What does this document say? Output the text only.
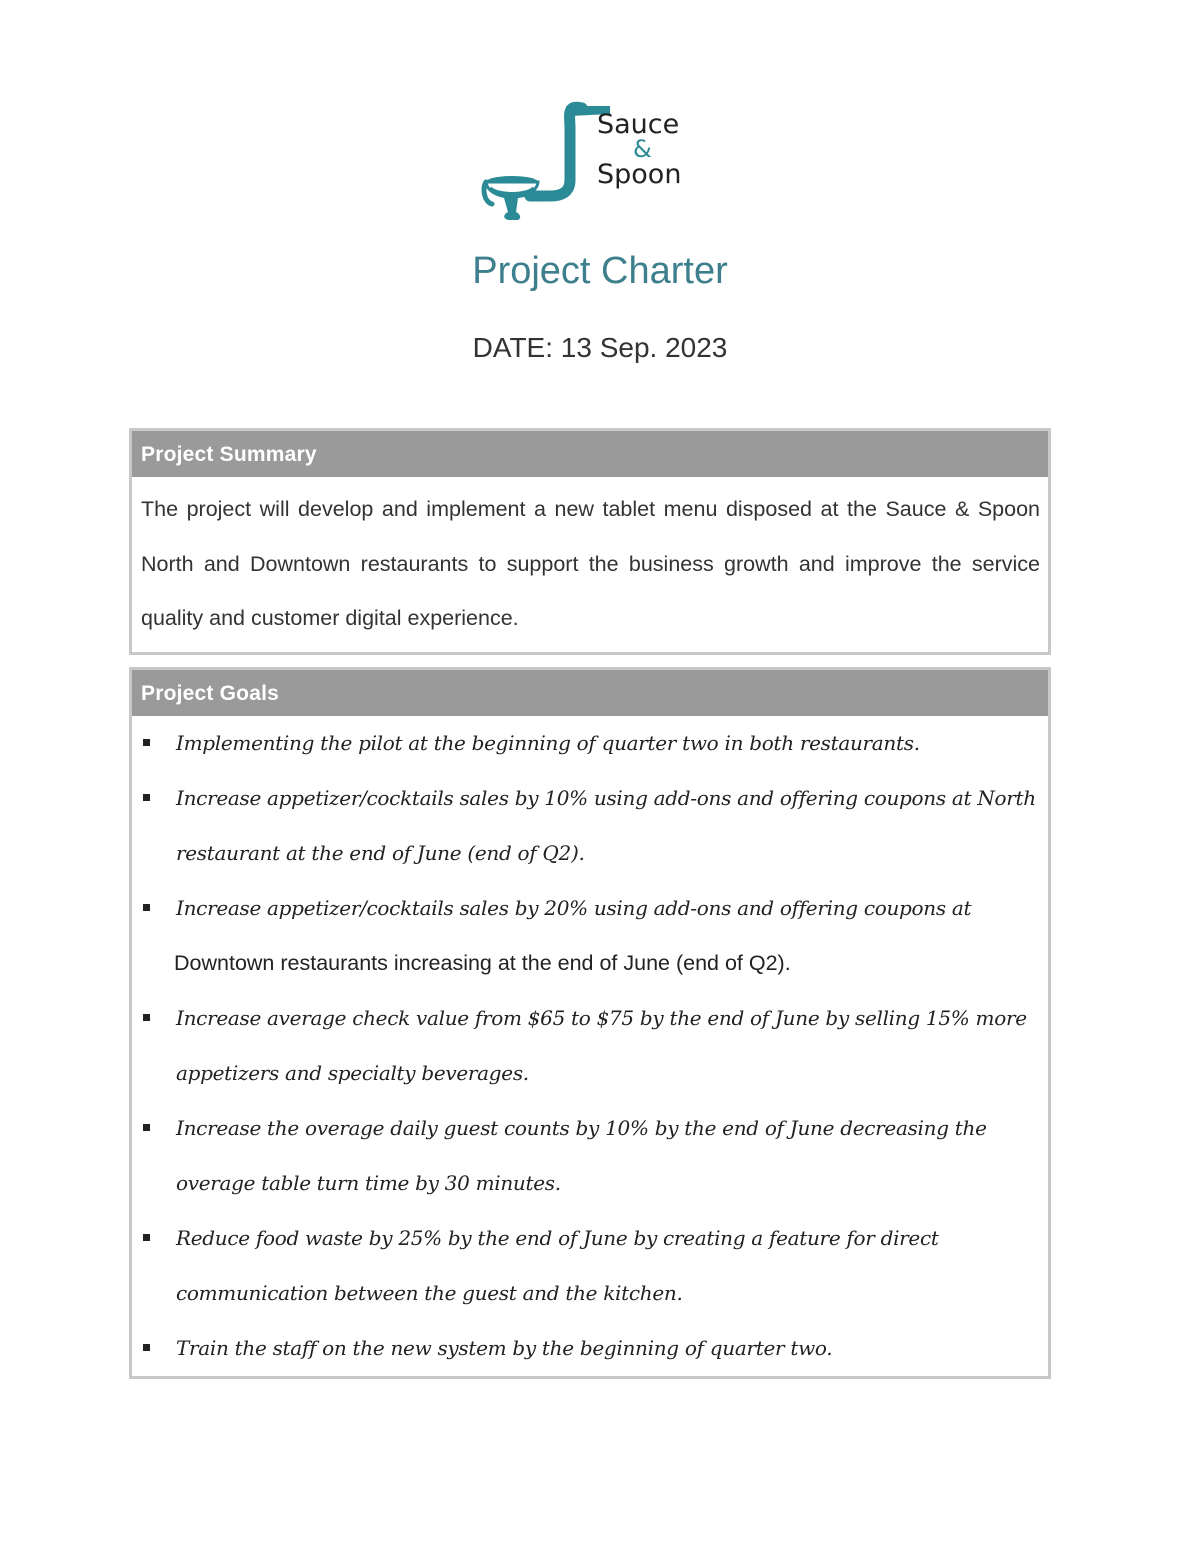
Sauce
&
Spoon
Project Charter
DATE: 13 Sep. 2023
Project Summary
The project will develop and implement a new tablet menu disposed at the Sauce & Spoon North and Downtown restaurants to support the business growth and improve the service quality and customer digital experience.
Project Goals
Implementing the pilot at the beginning of quarter two in both restaurants.
Increase appetizer/cocktails sales by 10% using add-ons and offering coupons at North restaurant at the end of June (end of Q2).
Increase appetizer/cocktails sales by 20% using add-ons and offering coupons at
Downtown restaurants increasing at the end of June (end of Q2).
Increase average check value from $65 to $75 by the end of June by selling 15% more appetizers and specialty beverages.
Increase the overage daily guest counts by 10% by the end of June decreasing the overage table turn time by 30 minutes.
Reduce food waste by 25% by the end of June by creating a feature for direct communication between the guest and the kitchen.
Train the staff on the new system by the beginning of quarter two.
